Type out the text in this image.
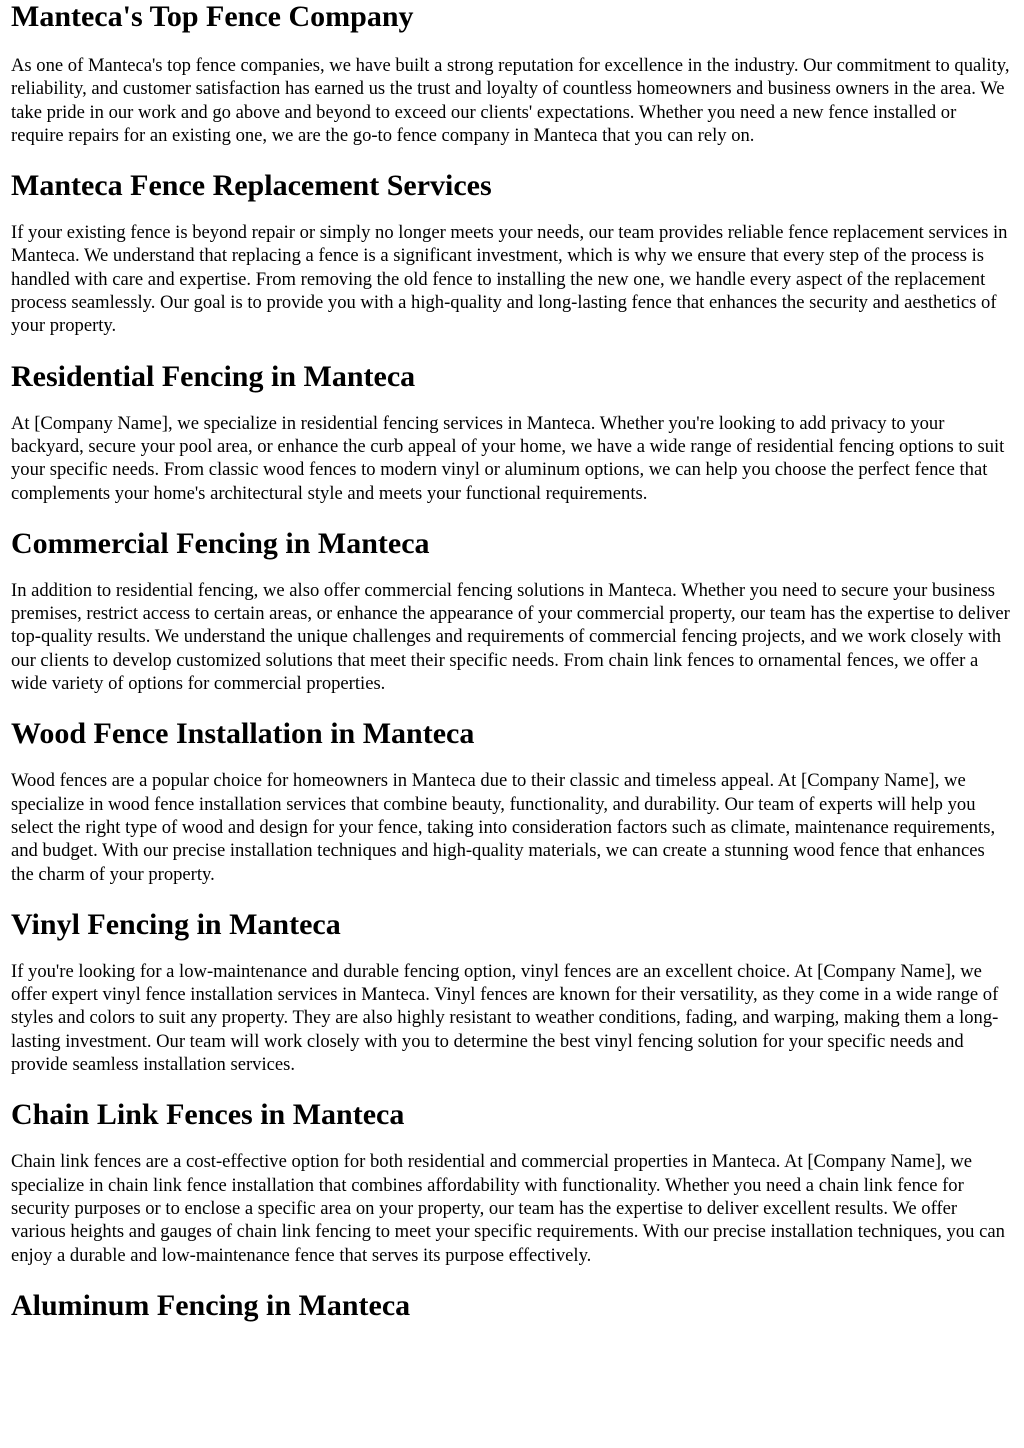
Manteca's Top Fence Company

As one of Manteca's top fence companies, we have built a strong reputation for excellence in the industry. Our commitment to quality, reliability, and customer satisfaction has earned us the trust and loyalty of countless homeowners and business owners in the area. We take pride in our work and go above and beyond to exceed our clients' expectations. Whether you need a new fence installed or require repairs for an existing one, we are the go-to fence company in Manteca that you can rely on.

Manteca Fence Replacement Services

If your existing fence is beyond repair or simply no longer meets your needs, our team provides reliable fence replacement services in Manteca. We understand that replacing a fence is a significant investment, which is why we ensure that every step of the process is handled with care and expertise. From removing the old fence to installing the new one, we handle every aspect of the replacement process seamlessly. Our goal is to provide you with a high-quality and long-lasting fence that enhances the security and aesthetics of your property.

Residential Fencing in Manteca

At [Company Name], we specialize in residential fencing services in Manteca. Whether you're looking to add privacy to your backyard, secure your pool area, or enhance the curb appeal of your home, we have a wide range of residential fencing options to suit your specific needs. From classic wood fences to modern vinyl or aluminum options, we can help you choose the perfect fence that complements your home's architectural style and meets your functional requirements.

Commercial Fencing in Manteca

In addition to residential fencing, we also offer commercial fencing solutions in Manteca. Whether you need to secure your business premises, restrict access to certain areas, or enhance the appearance of your commercial property, our team has the expertise to deliver top-quality results. We understand the unique challenges and requirements of commercial fencing projects, and we work closely with our clients to develop customized solutions that meet their specific needs. From chain link fences to ornamental fences, we offer a wide variety of options for commercial properties.

Wood Fence Installation in Manteca

Wood fences are a popular choice for homeowners in Manteca due to their classic and timeless appeal. At [Company Name], we specialize in wood fence installation services that combine beauty, functionality, and durability. Our team of experts will help you select the right type of wood and design for your fence, taking into consideration factors such as climate, maintenance requirements, and budget. With our precise installation techniques and high-quality materials, we can create a stunning wood fence that enhances the charm of your property.

Vinyl Fencing in Manteca

If you're looking for a low-maintenance and durable fencing option, vinyl fences are an excellent choice. At [Company Name], we offer expert vinyl fence installation services in Manteca. Vinyl fences are known for their versatility, as they come in a wide range of styles and colors to suit any property. They are also highly resistant to weather conditions, fading, and warping, making them a long-lasting investment. Our team will work closely with you to determine the best vinyl fencing solution for your specific needs and provide seamless installation services.

Chain Link Fences in Manteca

Chain link fences are a cost-effective option for both residential and commercial properties in Manteca. At [Company Name], we specialize in chain link fence installation that combines affordability with functionality. Whether you need a chain link fence for security purposes or to enclose a specific area on your property, our team has the expertise to deliver excellent results. We offer various heights and gauges of chain link fencing to meet your specific requirements. With our precise installation techniques, you can enjoy a durable and low-maintenance fence that serves its purpose effectively.

Aluminum Fencing in Manteca
